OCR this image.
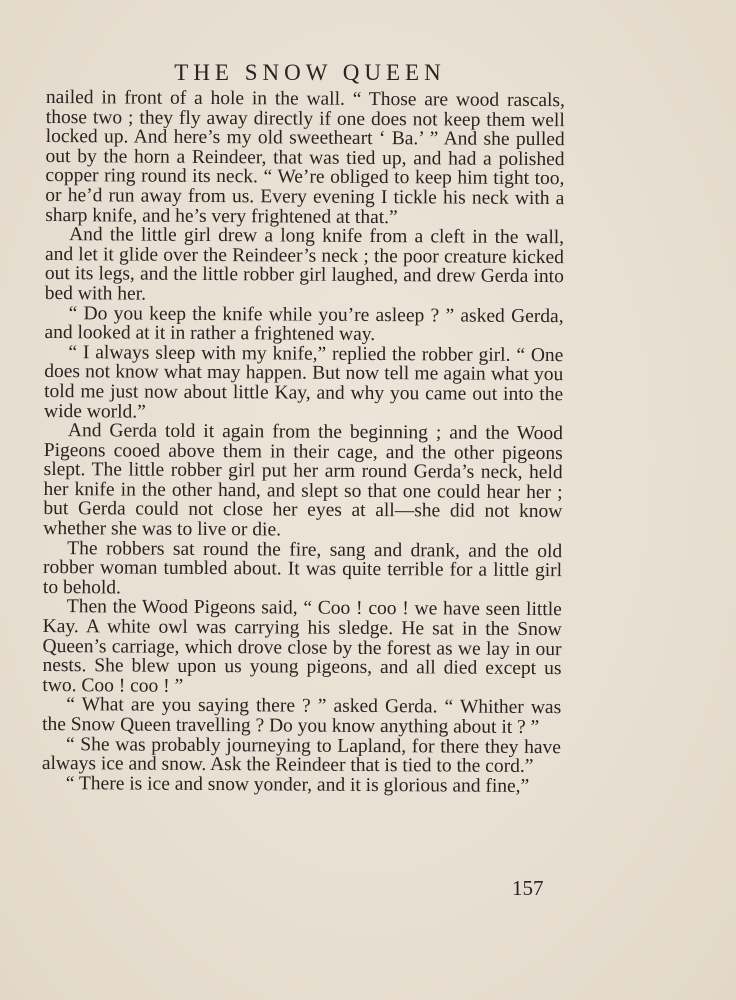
THE SNOW QUEEN

nailed in front of a hole in the wall. “ Those are wood rascals, those two ; they fly away directly if one does not keep them well locked up. And here’s my old sweetheart ‘ Ba.’ ” And she pulled out by the horn a Reindeer, that was tied up, and had a polished copper ring round its neck. “ We’re obliged to keep him tight too, or he’d run away from us. Every evening I tickle his neck with a sharp knife, and he’s very frightened at that.”

And the little girl drew a long knife from a cleft in the wall, and let it glide over the Reindeer’s neck ; the poor creature kicked out its legs, and the little robber girl laughed, and drew Gerda into bed with her.

“ Do you keep the knife while you’re asleep ? ” asked Gerda, and looked at it in rather a frightened way.

“ I always sleep with my knife,” replied the robber girl. “ One does not know what may happen. But now tell me again what you told me just now about little Kay, and why you came out into the wide world.”

And Gerda told it again from the beginning ; and the Wood Pigeons cooed above them in their cage, and the other pigeons slept. The little robber girl put her arm round Gerda’s neck, held her knife in the other hand, and slept so that one could hear her ; but Gerda could not close her eyes at all—she did not know whether she was to live or die.

The robbers sat round the fire, sang and drank, and the old robber woman tumbled about. It was quite terrible for a little girl to behold.

Then the Wood Pigeons said, “ Coo ! coo ! we have seen little Kay. A white owl was carrying his sledge. He sat in the Snow Queen’s carriage, which drove close by the forest as we lay in our nests. She blew upon us young pigeons, and all died except us two. Coo ! coo ! ”

“ What are you saying there ? ” asked Gerda. “ Whither was the Snow Queen travelling ? Do you know anything about it ? ”

“ She was probably journeying to Lapland, for there they have always ice and snow. Ask the Reindeer that is tied to the cord.”

“ There is ice and snow yonder, and it is glorious and fine,”

157
